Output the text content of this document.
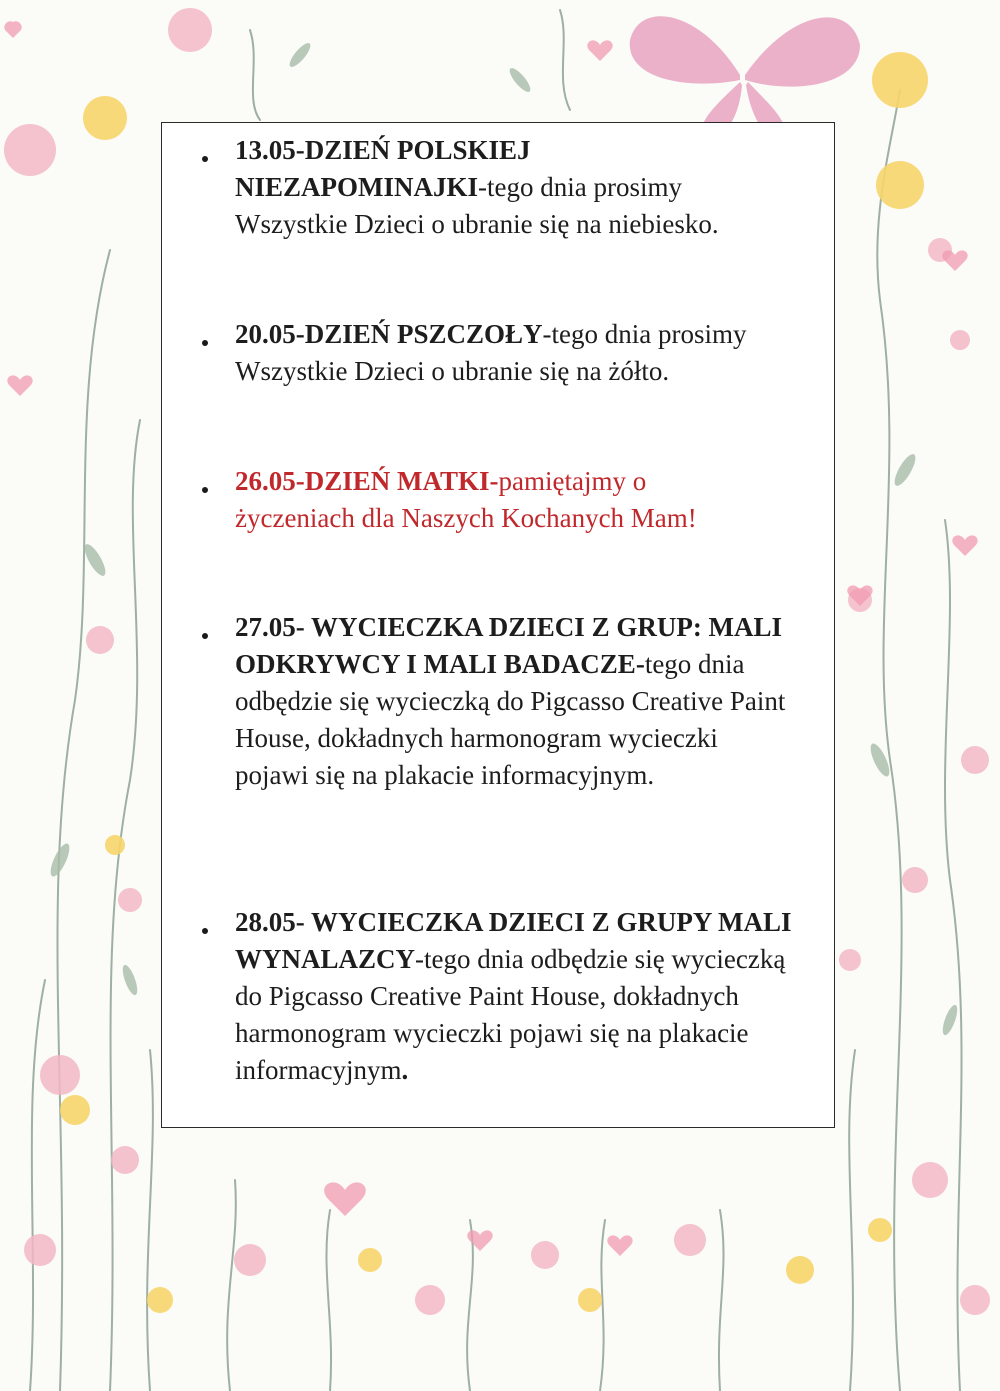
13.05-DZIEŃ POLSKIEJ NIEZAPOMINAJKI-tego dnia prosimy Wszystkie Dzieci o ubranie się na niebiesko.
20.05-DZIEŃ PSZCZOŁY-tego dnia prosimy Wszystkie Dzieci o ubranie się na żółto.
26.05-DZIEŃ MATKI-pamiętajmy o życzeniach dla Naszych Kochanych Mam!
27.05- WYCIECZKA DZIECI Z GRUP: MALI ODKRYWCY I MALI BADACZE-tego dnia odbędzie się wycieczką do Pigcasso Creative Paint House, dokładnych harmonogram wycieczki pojawi się na plakacie informacyjnym.
28.05- WYCIECZKA DZIECI Z GRUPY MALI WYNALAZCY-tego dnia odbędzie się wycieczką do Pigcasso Creative Paint House, dokładnych harmonogram wycieczki pojawi się na plakacie informacyjnym.
